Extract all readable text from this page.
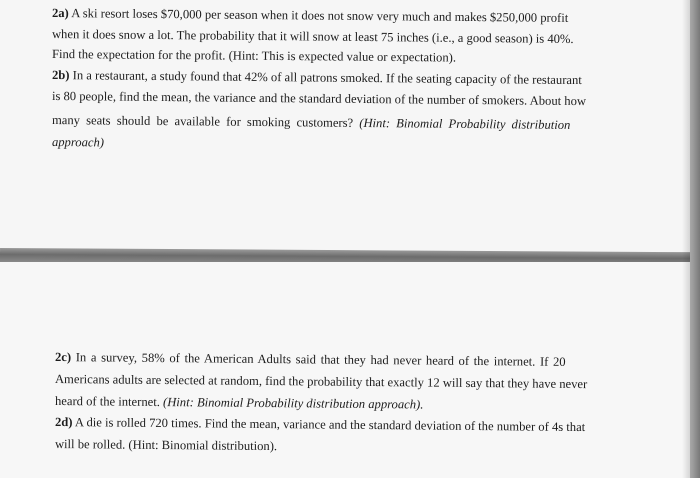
2a) A ski resort loses $70,000 per season when it does not snow very much and makes $250,000 profit
when it does snow a lot. The probability that it will snow at least 75 inches (i.e., a good season) is 40%.
Find the expectation for the profit. (Hint: This is expected value or expectation).
2b) In a restaurant, a study found that 42% of all patrons smoked. If the seating capacity of the restaurant
is 80 people, find the mean, the variance and the standard deviation of the number of smokers. About how
many seats should be available for smoking customers? (Hint: Binomial Probability distribution
approach)
2c) In a survey, 58% of the American Adults said that they had never heard of the internet. If 20
Americans adults are selected at random, find the probability that exactly 12 will say that they have never
heard of the internet. (Hint: Binomial Probability distribution approach).
2d) A die is rolled 720 times. Find the mean, variance and the standard deviation of the number of 4s that
will be rolled. (Hint: Binomial distribution).
